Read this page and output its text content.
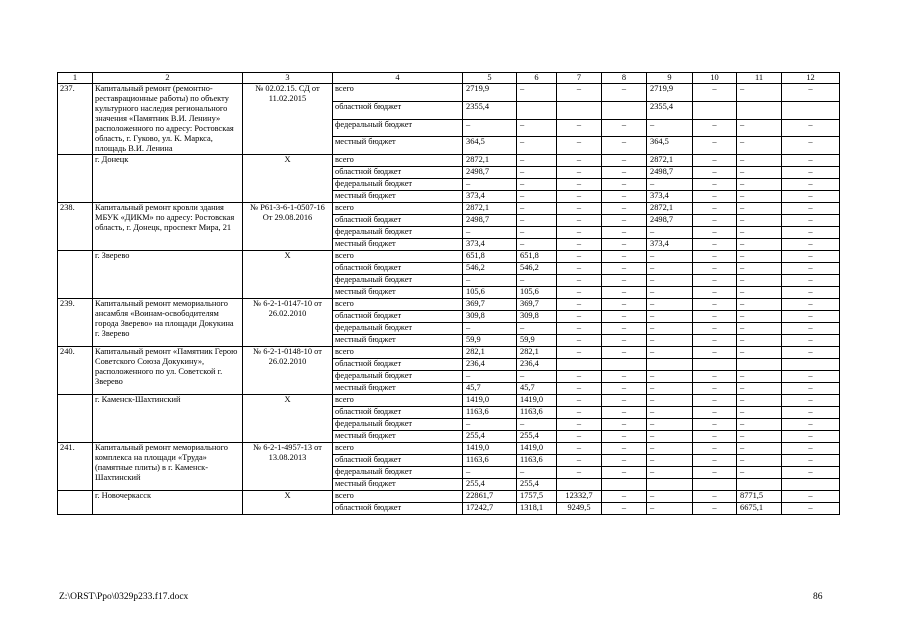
1	2	3	4	5	6	7	8	9	10	11	12
237.	Капитальный ремонт (ремонтно-реставрационные работы) по объекту культурного наследия регионального значения «Памятник В.И. Ленину» расположенного по адресу: Ростовская область, г. Гуково, ул. К. Маркса, площадь В.И. Ленина	№ 02.02.15. СД от 11.02.2015	всего	2719,9	–	–	–	2719,9	–	–	–
			областной бюджет	2355,4				2355,4			
			федеральный бюджет	–	–	–	–	–	–	–	–
			местный бюджет	364,5	–	–	–	364,5	–	–	–
	г. Донецк	Х	всего	2872,1	–	–	–	2872,1	–	–	–
			областной бюджет	2498,7	–	–	–	2498,7	–	–	–
			федеральный бюджет	–	–	–	–	–	–	–	–
			местный бюджет	373,4	–	–	–	373,4	–	–	–
238.	Капитальный ремонт кровли здания МБУК «ДИКМ» по адресу: Ростовская область, г. Донецк, проспект Мира, 21	№ Р61-3-6-1-0507-16 От 29.08.2016	всего	2872,1	–	–	–	2872,1	–	–	–
			областной бюджет	2498,7	–	–	–	2498,7	–	–	–
			федеральный бюджет	–	–	–	–	–	–	–	–
			местный бюджет	373,4	–	–	–	373,4	–	–	–
	г. Зверево	Х	всего	651,8	651,8	–	–	–	–	–	–
			областной бюджет	546,2	546,2	–	–	–	–	–	–
			федеральный бюджет	–	–	–	–	–	–	–	–
			местный бюджет	105,6	105,6	–	–	–	–	–	–
239.	Капитальный ремонт мемориального ансамбля «Воинам-освободителям города Зверево» на площади Докукина г. Зверево	№ 6-2-1-0147-10 от 26.02.2010	всего	369,7	369,7	–	–	–	–	–	–
			областной бюджет	309,8	309,8	–	–	–	–	–	–
			федеральный бюджет	–	–	–	–	–	–	–	–
			местный бюджет	59,9	59,9	–	–	–	–	–	–
240.	Капитальный ремонт «Памятник Герою Советского Союза Докукину», расположенного по ул. Советской г. Зверево	№ 6-2-1-0148-10 от 26.02.2010	всего	282,1	282,1	–	–	–	–	–	–
			областной бюджет	236,4	236,4						
			федеральный бюджет	–	–	–	–	–	–	–	–
			местный бюджет	45,7	45,7	–	–	–	–	–	–
	г. Каменск-Шахтинский	Х	всего	1419,0	1419,0	–	–	–	–	–	–
			областной бюджет	1163,6	1163,6	–	–	–	–	–	–
			федеральный бюджет	–	–	–	–	–	–	–	–
			местный бюджет	255,4	255,4	–	–	–	–	–	–
241.	Капитальный ремонт мемориального комплекса на площади «Труда» (памятные плиты) в г. Каменск-Шахтинский	№ 6-2-1-4957-13 от 13.08.2013	всего	1419,0	1419,0	–	–	–	–	–	–
			областной бюджет	1163,6	1163,6	–	–	–	–	–	–
			федеральный бюджет	–	–	–	–	–	–	–	–
			местный бюджет	255,4	255,4						
	г. Новочеркасск	Х	всего	22861,7	1757,5	12332,7	–	–	–	8771,5	–
			областной бюджет	17242,7	1318,1	9249,5	–	–	–	6675,1	–
Z:\ORST\Ppo\0329p233.f17.docx	86
